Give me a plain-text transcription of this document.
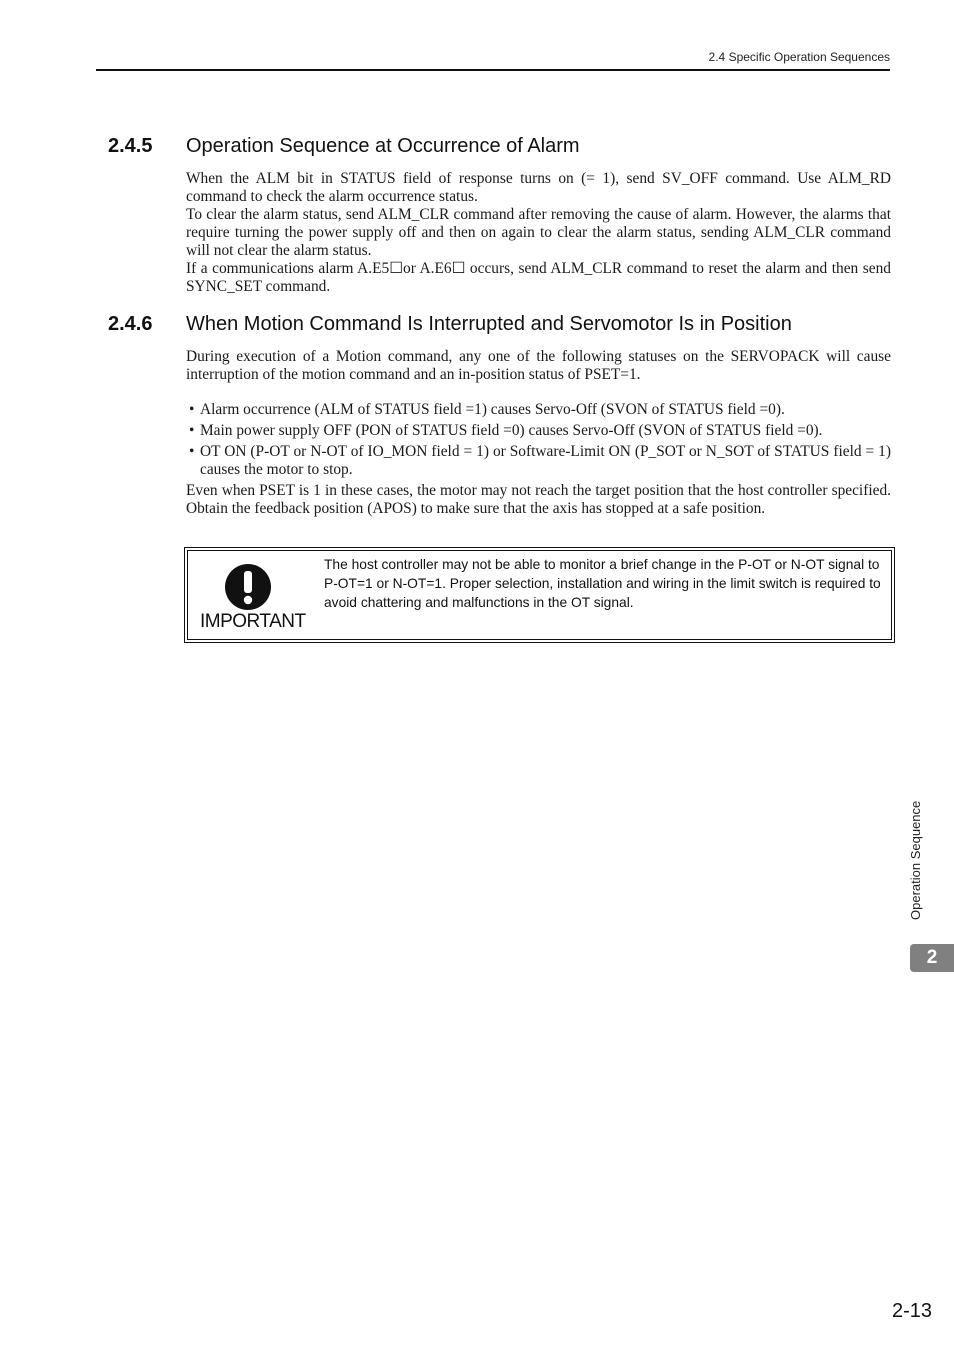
2.4 Specific Operation Sequences
2.4.5 Operation Sequence at Occurrence of Alarm

When the ALM bit in STATUS field of response turns on (= 1), send SV_OFF command. Use ALM_RD command to check the alarm occurrence status.

To clear the alarm status, send ALM_CLR command after removing the cause of alarm. However, the alarms that require turning the power supply off and then on again to clear the alarm status, sending ALM_CLR command will not clear the alarm status.

If a communications alarm A.E5☐or A.E6☐ occurs, send ALM_CLR command to reset the alarm and then send SYNC_SET command.

2.4.6 When Motion Command Is Interrupted and Servomotor Is in Position

During execution of a Motion command, any one of the following statuses on the SERVOPACK will cause interruption of the motion command and an in-position status of PSET=1.

• Alarm occurrence (ALM of STATUS field =1) causes Servo-Off (SVON of STATUS field =0).
• Main power supply OFF (PON of STATUS field =0) causes Servo-Off (SVON of STATUS field =0).
• OT ON (P-OT or N-OT of IO_MON field = 1) or Software-Limit ON (P_SOT or N_SOT of STATUS field = 1) causes the motor to stop.

Even when PSET is 1 in these cases, the motor may not reach the target position that the host controller specified. Obtain the feedback position (APOS) to make sure that the axis has stopped at a safe position.

IMPORTANT
The host controller may not be able to monitor a brief change in the P-OT or N-OT signal to P-OT=1 or N-OT=1. Proper selection, installation and wiring in the limit switch is required to avoid chattering and malfunctions in the OT signal.
Operation Sequence
2
2-13
